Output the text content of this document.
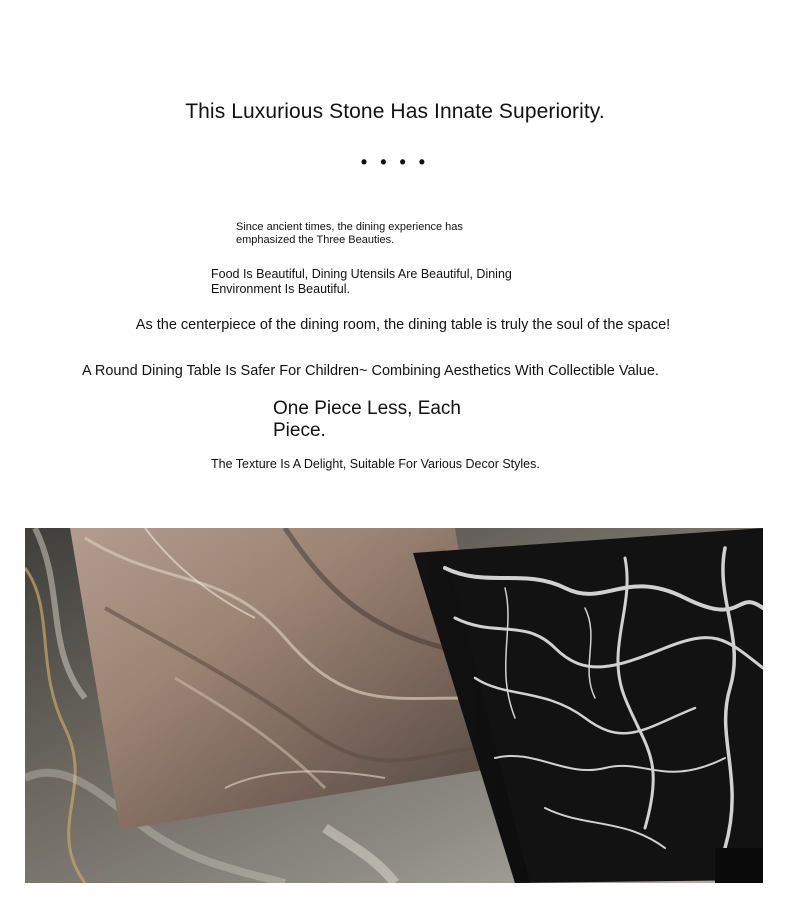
This Luxurious Stone Has Innate Superiority.
• • • •
Since ancient times, the dining experience has emphasized the Three Beauties.
Food Is Beautiful, Dining Utensils Are Beautiful, Dining Environment Is Beautiful.
As the centerpiece of the dining room, the dining table is truly the soul of the space!
A Round Dining Table Is Safer For Children~ Combining Aesthetics With Collectible Value.
One Piece Less, Each Piece.
The Texture Is A Delight, Suitable For Various Decor Styles.
